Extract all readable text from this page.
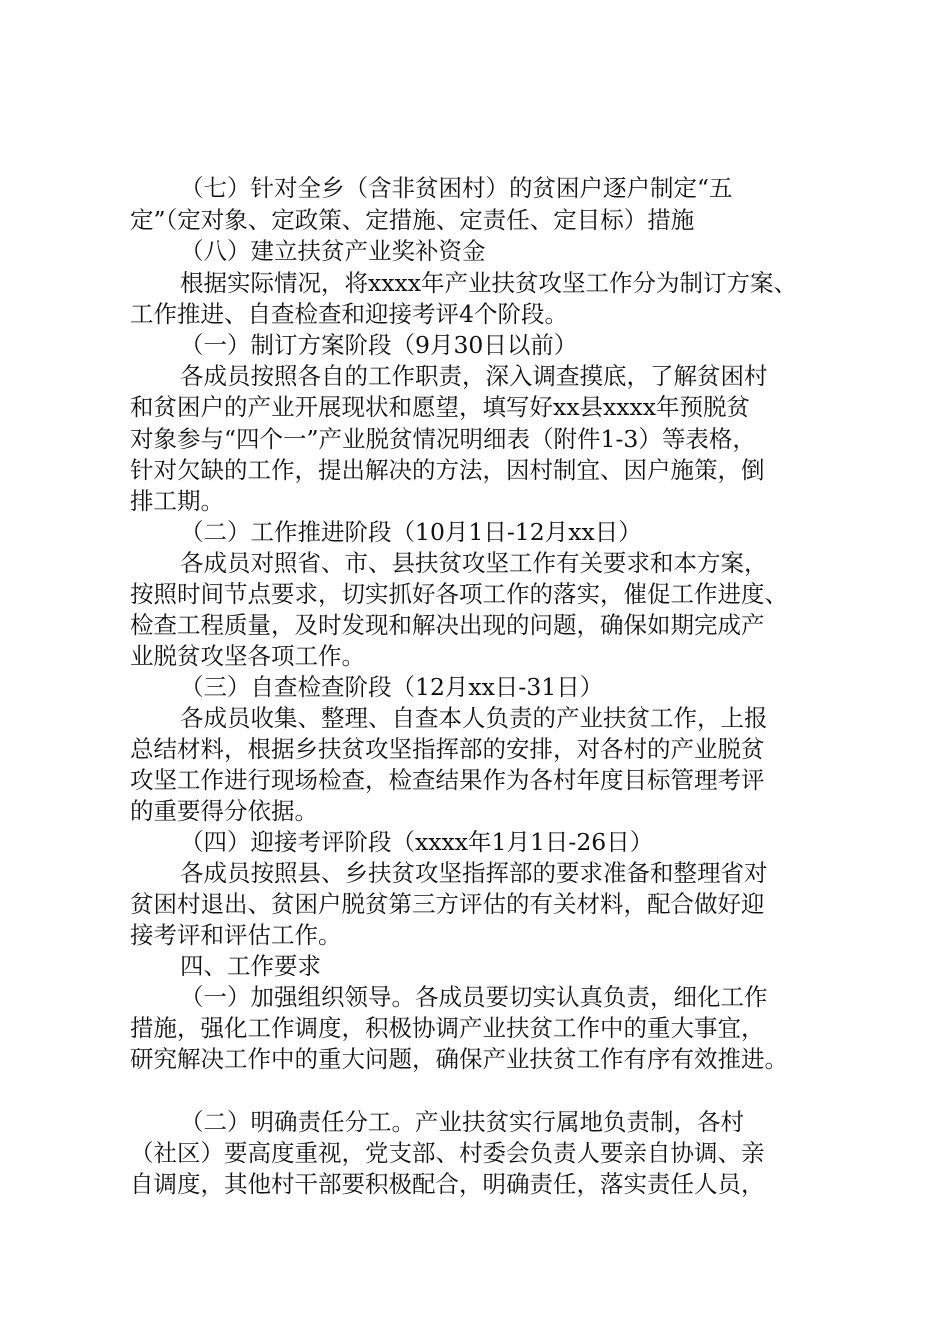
（七）针对全乡（含非贫困村）的贫困户逐户制定“五
定”（定对象、定政策、定措施、定责任、定目标）措施
（八）建立扶贫产业奖补资金
根据实际情况，将xxxx年产业扶贫攻坚工作分为制订方案、
工作推进、自查检查和迎接考评4个阶段。
（一）制订方案阶段（9月30日以前）
各成员按照各自的工作职责，深入调查摸底，了解贫困村
和贫困户的产业开展现状和愿望，填写好xx县xxxx年预脱贫
对象参与“四个一”产业脱贫情况明细表（附件1-3）等表格，
针对欠缺的工作，提出解决的方法，因村制宜、因户施策，倒
排工期。
（二）工作推进阶段（10月1日-12月xx日）
各成员对照省、市、县扶贫攻坚工作有关要求和本方案，
按照时间节点要求，切实抓好各项工作的落实，催促工作进度、
检查工程质量，及时发现和解决出现的问题，确保如期完成产
业脱贫攻坚各项工作。
（三）自查检查阶段（12月xx日-31日）
各成员收集、整理、自查本人负责的产业扶贫工作，上报
总结材料，根据乡扶贫攻坚指挥部的安排，对各村的产业脱贫
攻坚工作进行现场检查，检查结果作为各村年度目标管理考评
的重要得分依据。
（四）迎接考评阶段（xxxx年1月1日-26日）
各成员按照县、乡扶贫攻坚指挥部的要求准备和整理省对
贫困村退出、贫困户脱贫第三方评估的有关材料，配合做好迎
接考评和评估工作。
四、工作要求
（一）加强组织领导。各成员要切实认真负责，细化工作
措施，强化工作调度，积极协调产业扶贫工作中的重大事宜，
研究解决工作中的重大问题，确保产业扶贫工作有序有效推进。
（二）明确责任分工。产业扶贫实行属地负责制，各村
（社区）要高度重视，党支部、村委会负责人要亲自协调、亲
自调度，其他村干部要积极配合，明确责任，落实责任人员，
